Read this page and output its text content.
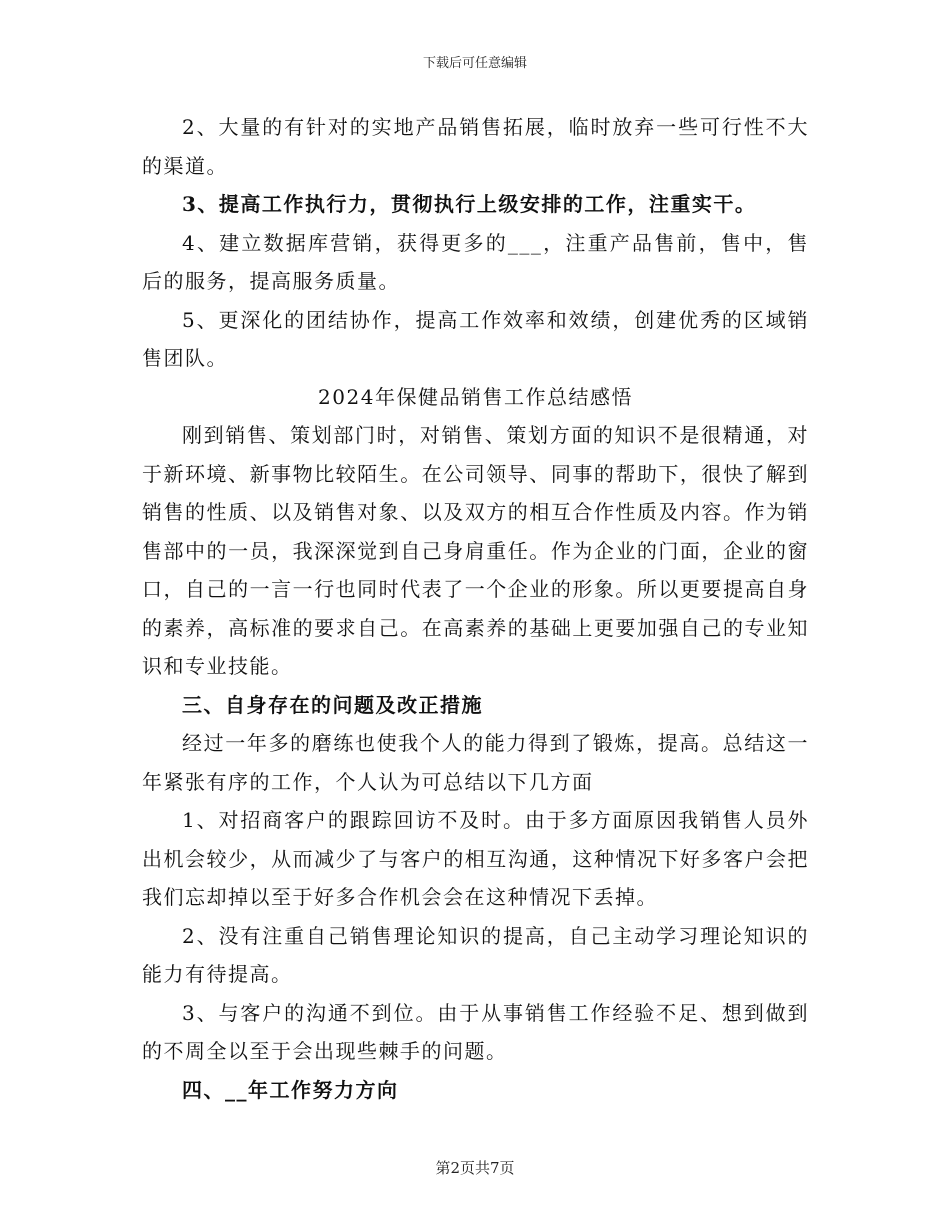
下载后可任意编辑

2、大量的有针对的实地产品销售拓展，临时放弃一些可行性不大的渠道。

3、提高工作执行力，贯彻执行上级安排的工作，注重实干。

4、建立数据库营销，获得更多的___，注重产品售前，售中，售后的服务，提高服务质量。

5、更深化的团结协作，提高工作效率和效绩，创建优秀的区域销售团队。

2024年保健品销售工作总结感悟

刚到销售、策划部门时，对销售、策划方面的知识不是很精通，对于新环境、新事物比较陌生。在公司领导、同事的帮助下，很快了解到销售的性质、以及销售对象、以及双方的相互合作性质及内容。作为销售部中的一员，我深深觉到自己身肩重任。作为企业的门面，企业的窗口，自己的一言一行也同时代表了一个企业的形象。所以更要提高自身的素养，高标准的要求自己。在高素养的基础上更要加强自己的专业知识和专业技能。

三、自身存在的问题及改正措施

经过一年多的磨练也使我个人的能力得到了锻炼，提高。总结这一年紧张有序的工作，个人认为可总结以下几方面

1、对招商客户的跟踪回访不及时。由于多方面原因我销售人员外出机会较少，从而减少了与客户的相互沟通，这种情况下好多客户会把我们忘却掉以至于好多合作机会会在这种情况下丢掉。

2、没有注重自己销售理论知识的提高，自己主动学习理论知识的能力有待提高。

3、与客户的沟通不到位。由于从事销售工作经验不足、想到做到的不周全以至于会出现些棘手的问题。

四、__年工作努力方向

第2页共7页
